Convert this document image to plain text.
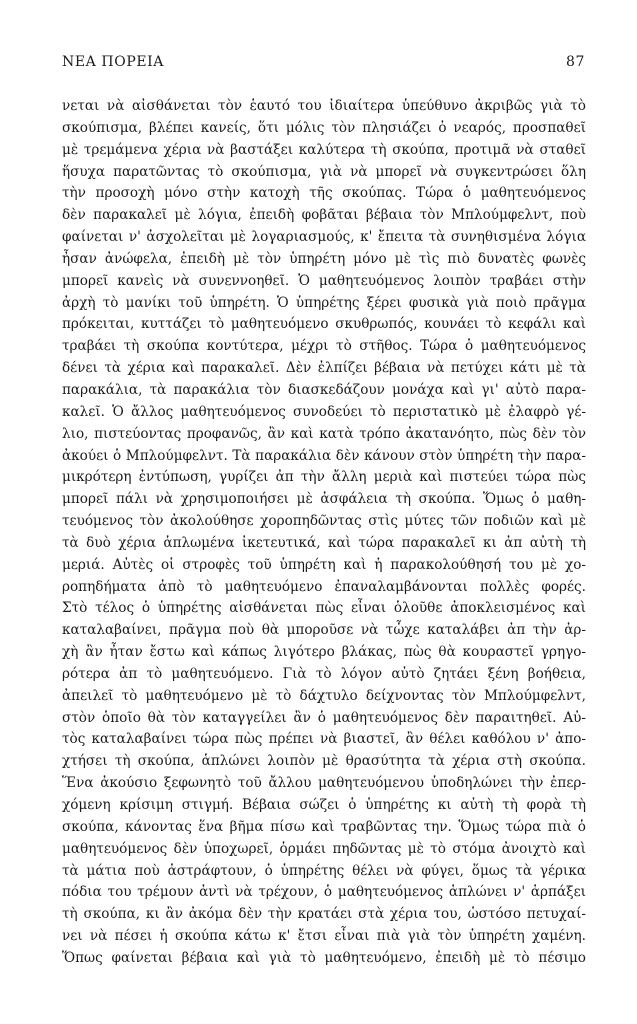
ΝΕΑ ΠΟΡΕΙΑ	87
νεται νὰ αἰσθάνεται τὸν ἑαυτό του ἰδιαίτερα ὑπεύθυνο ἀκριβῶς γιὰ τὸ
σκούπισμα, βλέπει κανείς, ὅτι μόλις τὸν πλησιάζει ὁ νεαρός, προσπαθεῖ
μὲ τρεμάμενα χέρια νὰ βαστάξει καλύτερα τὴ σκούπα, προτιμᾶ νὰ σταθεῖ
ἥσυχα παρατῶντας τὸ σκούπισμα, γιὰ νὰ μπορεῖ νὰ συγκεντρώσει ὅλη
τὴν προσοχὴ μόνο στὴν κατοχὴ τῆς σκούπας. Τώρα ὁ μαθητευόμενος
δὲν παρακαλεῖ μὲ λόγια, ἐπειδὴ φοβᾶται βέβαια τὸν Μπλούμφελντ, ποὺ
φαίνεται ν' ἀσχολεῖται μὲ λογαριασμούς, κ' ἔπειτα τὰ συνηθισμένα λόγια
ἦσαν ἀνώφελα, ἐπειδὴ μὲ τὸν ὑπηρέτη μόνο μὲ τὶς πιὸ δυνατὲς φωνὲς
μπορεῖ κανεὶς νὰ συνεννοηθεῖ. Ὁ μαθητευόμενος λοιπὸν τραβάει στὴν
ἀρχὴ τὸ μανίκι τοῦ ὑπηρέτη. Ὁ ὑπηρέτης ξέρει φυσικὰ γιὰ ποιὸ πρᾶγμα
πρόκειται, κυττάζει τὸ μαθητευόμενο σκυθρωπός, κουνάει τὸ κεφάλι καὶ
τραβάει τὴ σκούπα κοντύτερα, μέχρι τὸ στῆθος. Τώρα ὁ μαθητευόμενος
δένει τὰ χέρια καὶ παρακαλεῖ. Δὲν ἐλπίζει βέβαια νὰ πετύχει κάτι μὲ τὰ
παρακάλια, τὰ παρακάλια τὸν διασκεδάζουν μονάχα καὶ γι' αὐτὸ παρα-
καλεῖ. Ὁ ἄλλος μαθητευόμενος συνοδεύει τὸ περιστατικὸ μὲ ἐλαφρὸ γέ-
λιο, πιστεύοντας προφανῶς, ἂν καὶ κατὰ τρόπο ἀκατανόητο, πὼς δὲν τὸν
ἀκούει ὁ Μπλούμφελντ. Τὰ παρακάλια δὲν κάνουν στὸν ὑπηρέτη τὴν παρα-
μικρότερη ἐντύπωση, γυρίζει ἀπ τὴν ἄλλη μεριὰ καὶ πιστεύει τώρα πὼς
μπορεῖ πάλι νὰ χρησιμοποιήσει μὲ ἀσφάλεια τὴ σκούπα. Ὅμως ὁ μαθη-
τευόμενος τὸν ἀκολούθησε χοροπηδῶντας στὶς μύτες τῶν ποδιῶν καὶ μὲ
τὰ δυὸ χέρια ἁπλωμένα ἱκετευτικά, καὶ τώρα παρακαλεῖ κι ἀπ αὐτὴ τὴ
μεριά. Αὐτὲς οἱ στροφὲς τοῦ ὑπηρέτη καὶ ἡ παρακολούθησή του μὲ χο-
ροπηδήματα ἀπὸ τὸ μαθητευόμενο ἐπαναλαμβάνονται πολλὲς φορές.
Στὸ τέλος ὁ ὑπηρέτης αἰσθάνεται πὼς εἶναι ὁλοῦθε ἀποκλεισμένος καὶ
καταλαβαίνει, πρᾶγμα ποὺ θὰ μποροῦσε νὰ τὧχε καταλάβει ἀπ τὴν ἀρ-
χὴ ἂν ἦταν ἔστω καὶ κάπως λιγότερο βλάκας, πὼς θὰ κουραστεῖ γρηγο-
ρότερα ἀπ τὸ μαθητευόμενο. Γιὰ τὸ λόγον αὐτὸ ζητάει ξένη βοήθεια,
ἀπειλεῖ τὸ μαθητευόμενο μὲ τὸ δάχτυλο δείχνοντας τὸν Μπλούμφελντ,
στὸν ὁποῖο θὰ τὸν καταγγείλει ἂν ὁ μαθητευόμενος δὲν παραιτηθεῖ. Αὐ-
τὸς καταλαβαίνει τώρα πὼς πρέπει νὰ βιαστεῖ, ἂν θέλει καθόλου ν' ἀπο-
χτήσει τὴ σκούπα, ἁπλώνει λοιπὸν μὲ θρασύτητα τὰ χέρια στὴ σκούπα.
Ἕνα ἀκούσιο ξεφωνητὸ τοῦ ἄλλου μαθητευόμενου ὑποδηλώνει τὴν ἐπερ-
χόμενη κρίσιμη στιγμή. Βέβαια σώζει ὁ ὑπηρέτης κι αὐτὴ τὴ φορὰ τὴ
σκούπα, κάνοντας ἕνα βῆμα πίσω καὶ τραβῶντας την. Ὅμως τώρα πιὰ ὁ
μαθητευόμενος δὲν ὑποχωρεῖ, ὁρμάει πηδῶντας μὲ τὸ στόμα ἀνοιχτὸ καὶ
τὰ μάτια ποὺ ἀστράφτουν, ὁ ὑπηρέτης θέλει νὰ φύγει, ὅμως τὰ γέρικα
πόδια του τρέμουν ἀντὶ νὰ τρέχουν, ὁ μαθητευόμενος ἁπλώνει ν' ἁρπάξει
τὴ σκούπα, κι ἂν ἀκόμα δὲν τὴν κρατάει στὰ χέρια του, ὡστόσο πετυχαί-
νει νὰ πέσει ἡ σκούπα κάτω κ' ἔτσι εἶναι πιὰ γιὰ τὸν ὑπηρέτη χαμένη.
Ὅπως φαίνεται βέβαια καὶ γιὰ τὸ μαθητευόμενο, ἐπειδὴ μὲ τὸ πέσιμο
